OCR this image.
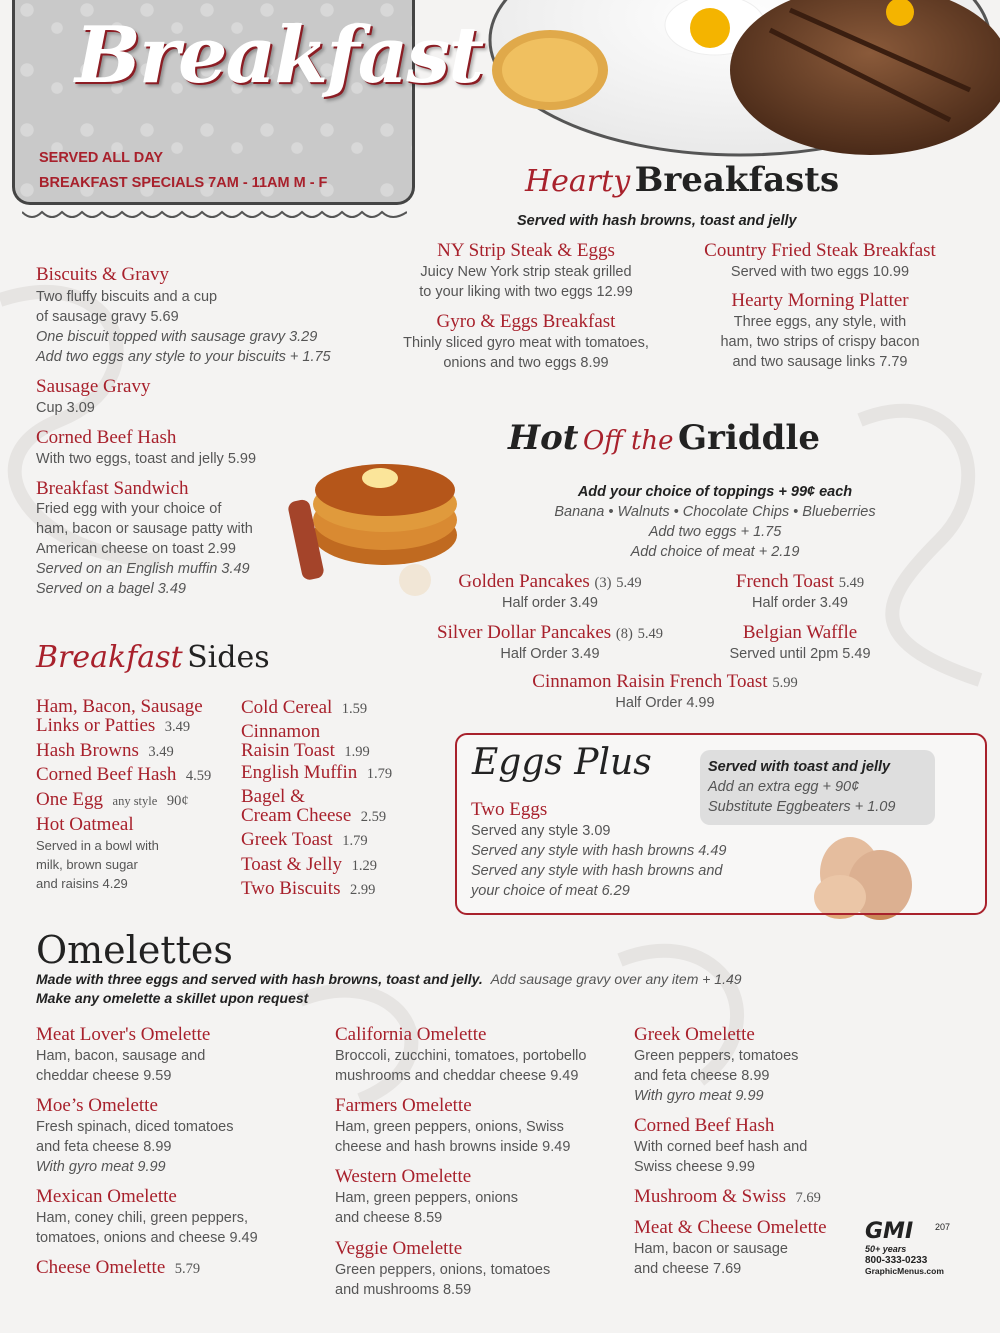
Breakfast
SERVED ALL DAY
BREAKFAST SPECIALS 7AM - 11AM M - F
Biscuits & Gravy
Two fluffy biscuits and a cup
of sausage gravy 5.69
One biscuit topped with sausage gravy 3.29
Add two eggs any style to your biscuits + 1.75
Sausage Gravy
Cup 3.09
Corned Beef Hash
With two eggs, toast and jelly 5.99
Breakfast Sandwich
Fried egg with your choice of
ham, bacon or sausage patty with
American cheese on toast 2.99
Served on an English muffin 3.49
Served on a bagel 3.49
Hearty Breakfasts
Served with hash browns, toast and jelly
NY Strip Steak & Eggs
Juicy New York strip steak grilled
to your liking with two eggs 12.99
Gyro & Eggs Breakfast
Thinly sliced gyro meat with tomatoes,
onions and two eggs 8.99
Country Fried Steak Breakfast
Served with two eggs 10.99
Hearty Morning Platter
Three eggs, any style, with
ham, two strips of crispy bacon
and two sausage links 7.79
Hot Off the Griddle
Add your choice of toppings + 99¢ each
Banana • Walnuts • Chocolate Chips • Blueberries
Add two eggs + 1.75
Add choice of meat + 2.19
Golden Pancakes (3) 5.49
Half order 3.49
French Toast 5.49
Half order 3.49
Silver Dollar Pancakes (8) 5.49
Half Order 3.49
Belgian Waffle
Served until 2pm 5.49
Cinnamon Raisin French Toast 5.99
Half Order 4.99
Breakfast Sides
Ham, Bacon, Sausage
Links or Patties 3.49
Hash Browns 3.49
Corned Beef Hash 4.59
One Egg any style 90¢
Hot Oatmeal
Served in a bowl with
milk, brown sugar
and raisins 4.29
Cold Cereal 1.59
Cinnamon
Raisin Toast 1.99
English Muffin 1.79
Bagel &
Cream Cheese 2.59
Greek Toast 1.79
Toast & Jelly 1.29
Two Biscuits 2.99
Eggs Plus	Served with toast and jelly
Add an extra egg + 90¢
Substitute Eggbeaters + 1.09
Two Eggs
Served any style 3.09
Served any style with hash browns 4.49
Served any style with hash browns and
your choice of meat 6.29
Omelettes
Made with three eggs and served with hash browns, toast and jelly. Add sausage gravy over any item + 1.49
Make any omelette a skillet upon request
Meat Lover's Omelette
Ham, bacon, sausage and
cheddar cheese 9.59
Moe’s Omelette
Fresh spinach, diced tomatoes
and feta cheese 8.99
With gyro meat 9.99
Mexican Omelette
Ham, coney chili, green peppers,
tomatoes, onions and cheese 9.49
Cheese Omelette 5.79
California Omelette
Broccoli, zucchini, tomatoes, portobello
mushrooms and cheddar cheese 9.49
Farmers Omelette
Ham, green peppers, onions, Swiss
cheese and hash browns inside 9.49
Western Omelette
Ham, green peppers, onions
and cheese 8.59
Veggie Omelette
Green peppers, onions, tomatoes
and mushrooms 8.59
Greek Omelette
Green peppers, tomatoes
and feta cheese 8.99
With gyro meat 9.99
Corned Beef Hash
With corned beef hash and
Swiss cheese 9.99
Mushroom & Swiss 7.69
Meat & Cheese Omelette
Ham, bacon or sausage
and cheese 7.69
GMI	207
50+ years
800-333-0233
GraphicMenus.com
